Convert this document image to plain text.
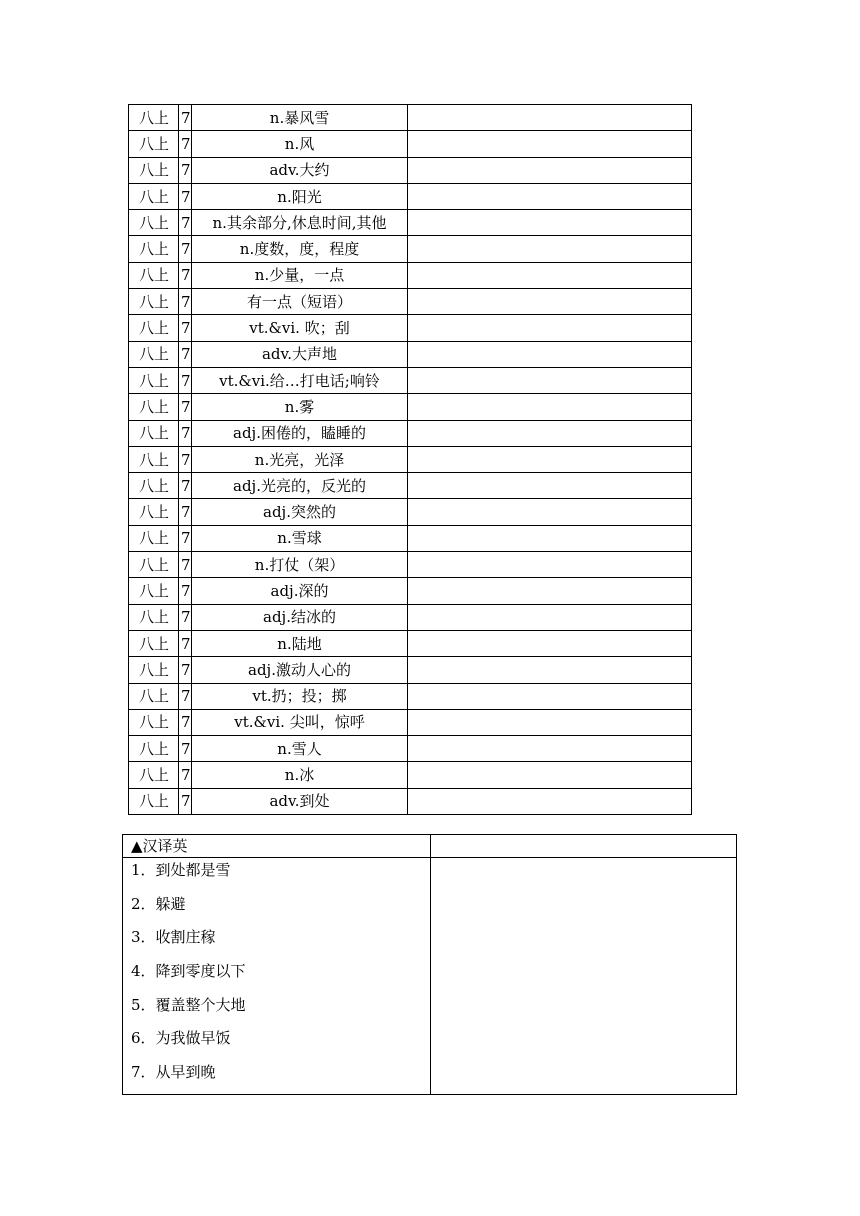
八上	7	n.暴风雪	
八上	7	n.风	
八上	7	adv.大约	
八上	7	n.阳光	
八上	7	n.其余部分,休息时间,其他	
八上	7	n.度数，度，程度	
八上	7	n.少量，一点	
八上	7	有一点（短语）	
八上	7	vt.&vi. 吹；刮	
八上	7	adv.大声地	
八上	7	vt.&vi.给…打电话;响铃	
八上	7	n.雾	
八上	7	adj.困倦的，瞌睡的	
八上	7	n.光亮，光泽	
八上	7	adj.光亮的，反光的	
八上	7	adj.突然的	
八上	7	n.雪球	
八上	7	n.打仗（架）	
八上	7	adj.深的	
八上	7	adj.结冰的	
八上	7	n.陆地	
八上	7	adj.激动人心的	
八上	7	vt.扔；投；掷	
八上	7	vt.&vi. 尖叫，惊呼	
八上	7	n.雪人	
八上	7	n.冰	
八上	7	adv.到处	
▲汉译英
1．到处都是雪
2．躲避
3．收割庄稼
4．降到零度以下
5．覆盖整个大地
6．为我做早饭
7．从早到晚
